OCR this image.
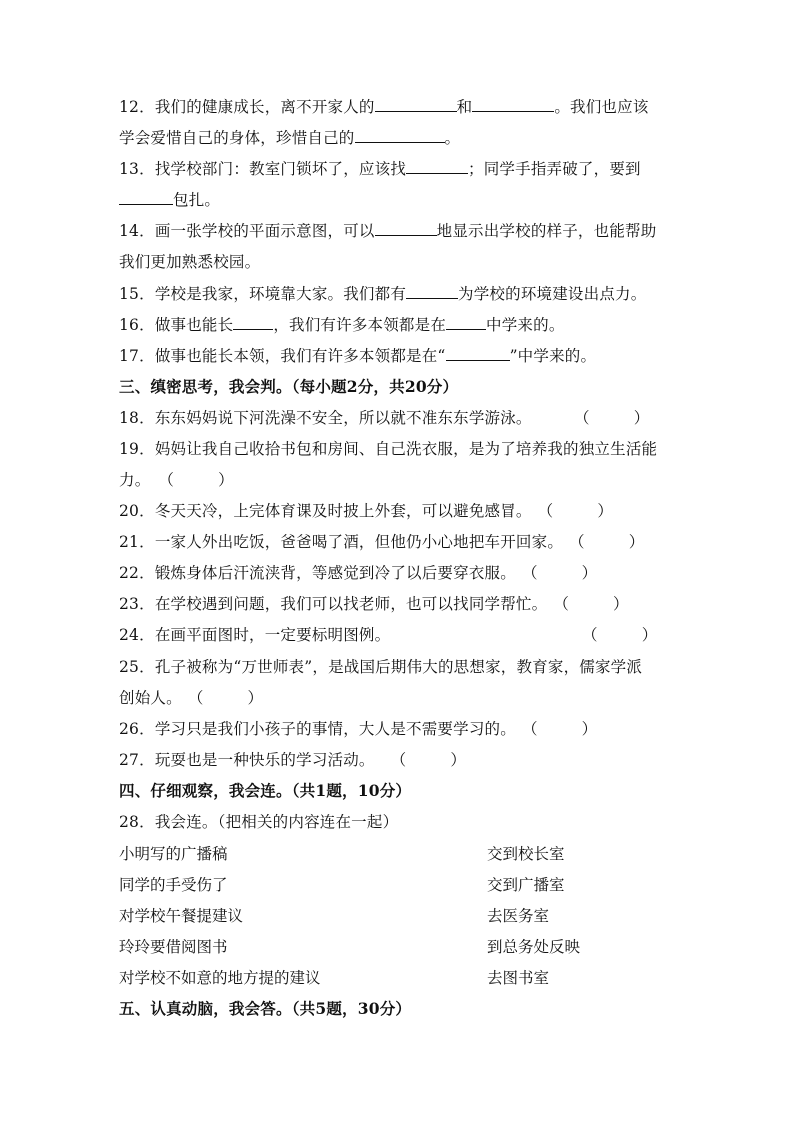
12．我们的健康成长，离不开家人的	和	。我们也应该
学会爱惜自己的身体，珍惜自己的	。
13．找学校部门：教室门锁坏了，应该找	；同学手指弄破了，要到
包扎。
14．画一张学校的平面示意图，可以	地显示出学校的样子，也能帮助
我们更加熟悉校园。
15．学校是我家，环境靠大家。我们都有	为学校的环境建设出点力。
16．做事也能长	，我们有许多本领都是在	中学来的。
17．做事也能长本领，我们有许多本领都是在“	”中学来的。
三、缜密思考，我会判。（每小题2分，共20分）
18．东东妈妈说下河洗澡不安全，所以就不准东东学游泳。	（	）
19．妈妈让我自己收拾书包和房间、自己洗衣服，是为了培养我的独立生活能
力。 （	）
20．冬天天冷，上完体育课及时披上外套，可以避免感冒。 （	）
21．一家人外出吃饭，爸爸喝了酒，但他仍小心地把车开回家。 （	）
22．锻炼身体后汗流浃背，等感觉到冷了以后要穿衣服。 （	）
23．在学校遇到问题，我们可以找老师，也可以找同学帮忙。 （	）
24．在画平面图时，一定要标明图例。	（	）
25．孔子被称为“万世师表”，是战国后期伟大的思想家，教育家，儒家学派
创始人。 （	）
26．学习只是我们小孩子的事情，大人是不需要学习的。 （	）
27．玩耍也是一种快乐的学习活动。 （	）
四、仔细观察，我会连。（共1题，10分）
28．我会连。（把相关的内容连在一起）
小明写的广播稿	交到校长室
同学的手受伤了	交到广播室
对学校午餐提建议	去医务室
玲玲要借阅图书	到总务处反映
对学校不如意的地方提的建议	去图书室
五、认真动脑，我会答。（共5题，30分）
